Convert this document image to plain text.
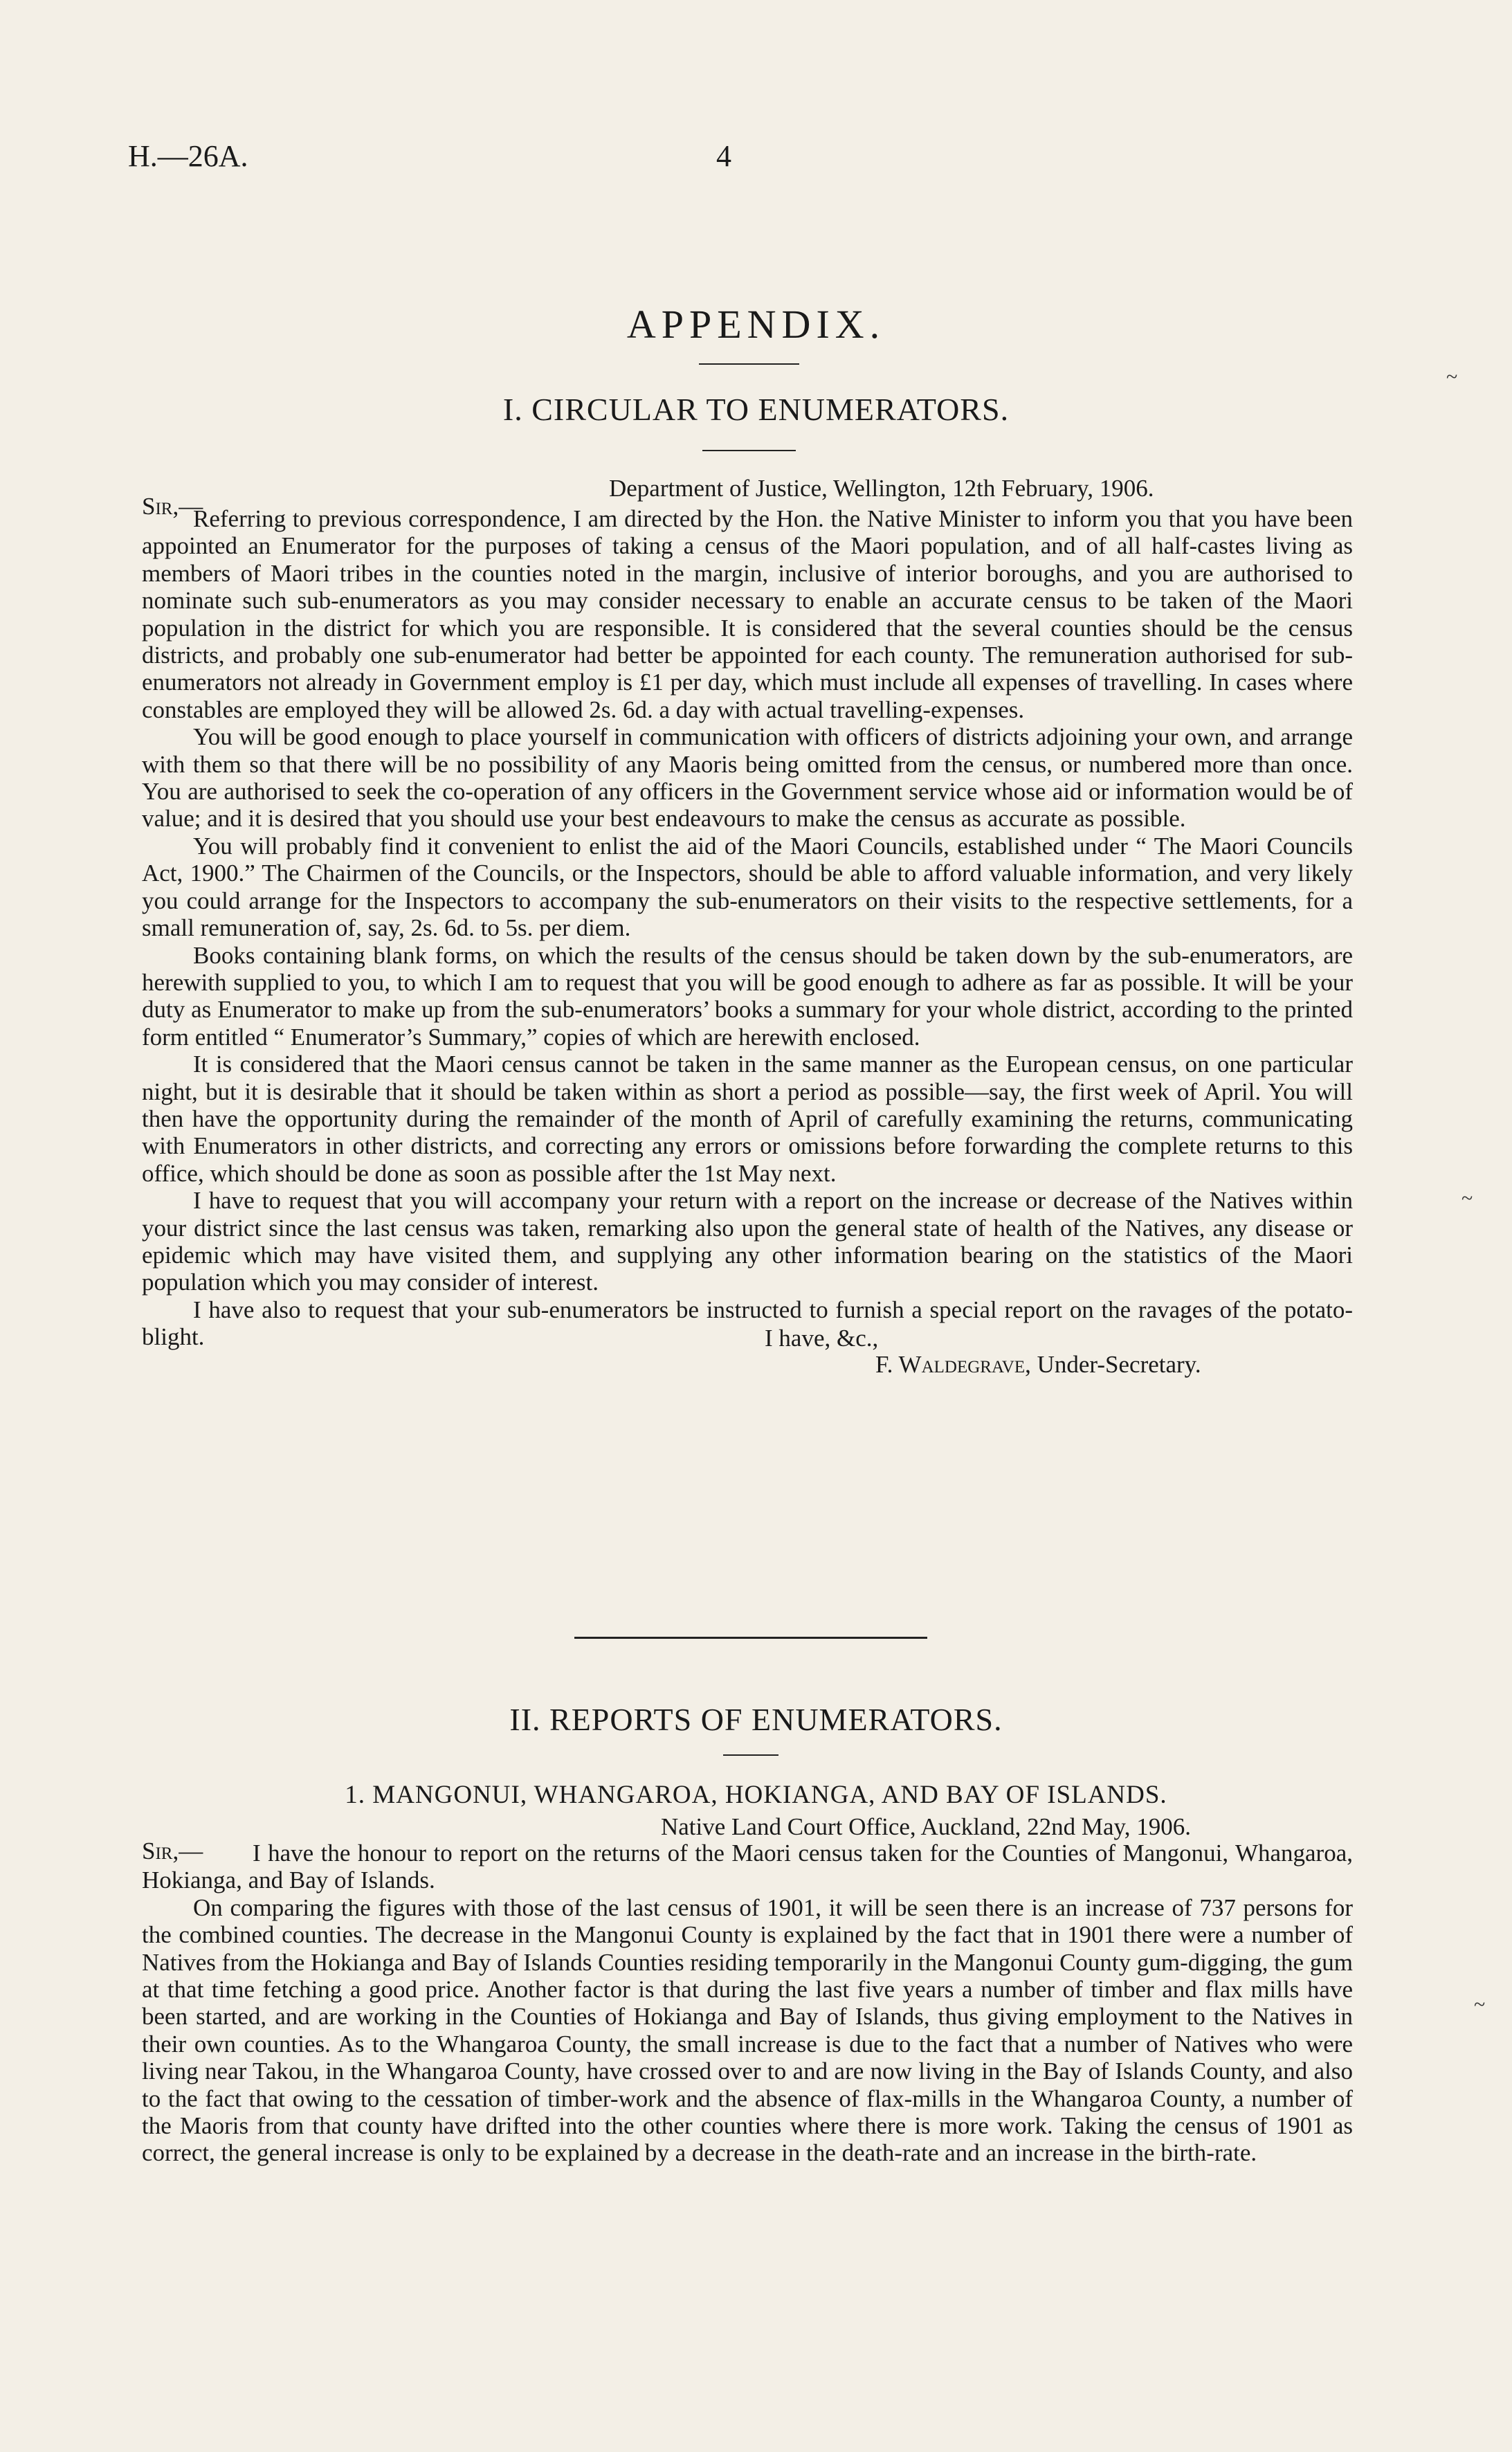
H.—26A.	4
APPENDIX.
I. CIRCULAR TO ENUMERATORS.
Sir,—
Department of Justice, Wellington, 12th February, 1906.

Referring to previous correspondence, I am directed by the Hon. the Native Minister to inform you that you have been appointed an Enumerator for the purposes of taking a census of the Maori population, and of all half-castes living as members of Maori tribes in the counties noted in the margin, inclusive of interior boroughs, and you are authorised to nominate such sub-enumerators as you may consider necessary to enable an accurate census to be taken of the Maori population in the district for which you are responsible. It is considered that the several counties should be the census districts, and probably one sub-enumerator had better be appointed for each county. The remuneration authorised for sub-enumerators not already in Government employ is £1 per day, which must include all expenses of travelling. In cases where constables are employed they will be allowed 2s. 6d. a day with actual travelling-expenses.

You will be good enough to place yourself in communication with officers of districts adjoining your own, and arrange with them so that there will be no possibility of any Maoris being omitted from the census, or numbered more than once. You are authorised to seek the co-operation of any officers in the Government service whose aid or information would be of value; and it is desired that you should use your best endeavours to make the census as accurate as possible.

You will probably find it convenient to enlist the aid of the Maori Councils, established under “ The Maori Councils Act, 1900.” The Chairmen of the Councils, or the Inspectors, should be able to afford valuable information, and very likely you could arrange for the Inspectors to accompany the sub-enumerators on their visits to the respective settlements, for a small remuneration of, say, 2s. 6d. to 5s. per diem.

Books containing blank forms, on which the results of the census should be taken down by the sub-enumerators, are herewith supplied to you, to which I am to request that you will be good enough to adhere as far as possible. It will be your duty as Enumerator to make up from the sub-enumerators’ books a summary for your whole district, according to the printed form entitled “ Enumerator’s Summary,” copies of which are herewith enclosed.

It is considered that the Maori census cannot be taken in the same manner as the European census, on one particular night, but it is desirable that it should be taken within as short a period as possible—say, the first week of April. You will then have the opportunity during the remainder of the month of April of carefully examining the returns, communicating with Enumerators in other districts, and correcting any errors or omissions before forwarding the complete returns to this office, which should be done as soon as possible after the 1st May next.

I have to request that you will accompany your return with a report on the increase or decrease of the Natives within your district since the last census was taken, remarking also upon the general state of health of the Natives, any disease or epidemic which may have visited them, and supplying any other information bearing on the statistics of the Maori population which you may consider of interest.

I have also to request that your sub-enumerators be instructed to furnish a special report on the ravages of the potato-blight.	I have, &c.,
F. Waldegrave, Under-Secretary.
II. REPORTS OF ENUMERATORS.
1. MANGONUI, WHANGAROA, HOKIANGA, AND BAY OF ISLANDS.
Sir,—
Native Land Court Office, Auckland, 22nd May, 1906.

I have the honour to report on the returns of the Maori census taken for the Counties of Mangonui, Whangaroa, Hokianga, and Bay of Islands.

On comparing the figures with those of the last census of 1901, it will be seen there is an increase of 737 persons for the combined counties. The decrease in the Mangonui County is explained by the fact that in 1901 there were a number of Natives from the Hokianga and Bay of Islands Counties residing temporarily in the Mangonui County gum-digging, the gum at that time fetching a good price. Another factor is that during the last five years a number of timber and flax mills have been started, and are working in the Counties of Hokianga and Bay of Islands, thus giving employment to the Natives in their own counties. As to the Whangaroa County, the small increase is due to the fact that a number of Natives who were living near Takou, in the Whangaroa County, have crossed over to and are now living in the Bay of Islands County, and also to the fact that owing to the cessation of timber-work and the absence of flax-mills in the Whangaroa County, a number of the Maoris from that county have drifted into the other counties where there is more work. Taking the census of 1901 as correct, the general increase is only to be explained by a decrease in the death-rate and an increase in the birth-rate.

~
~
~
